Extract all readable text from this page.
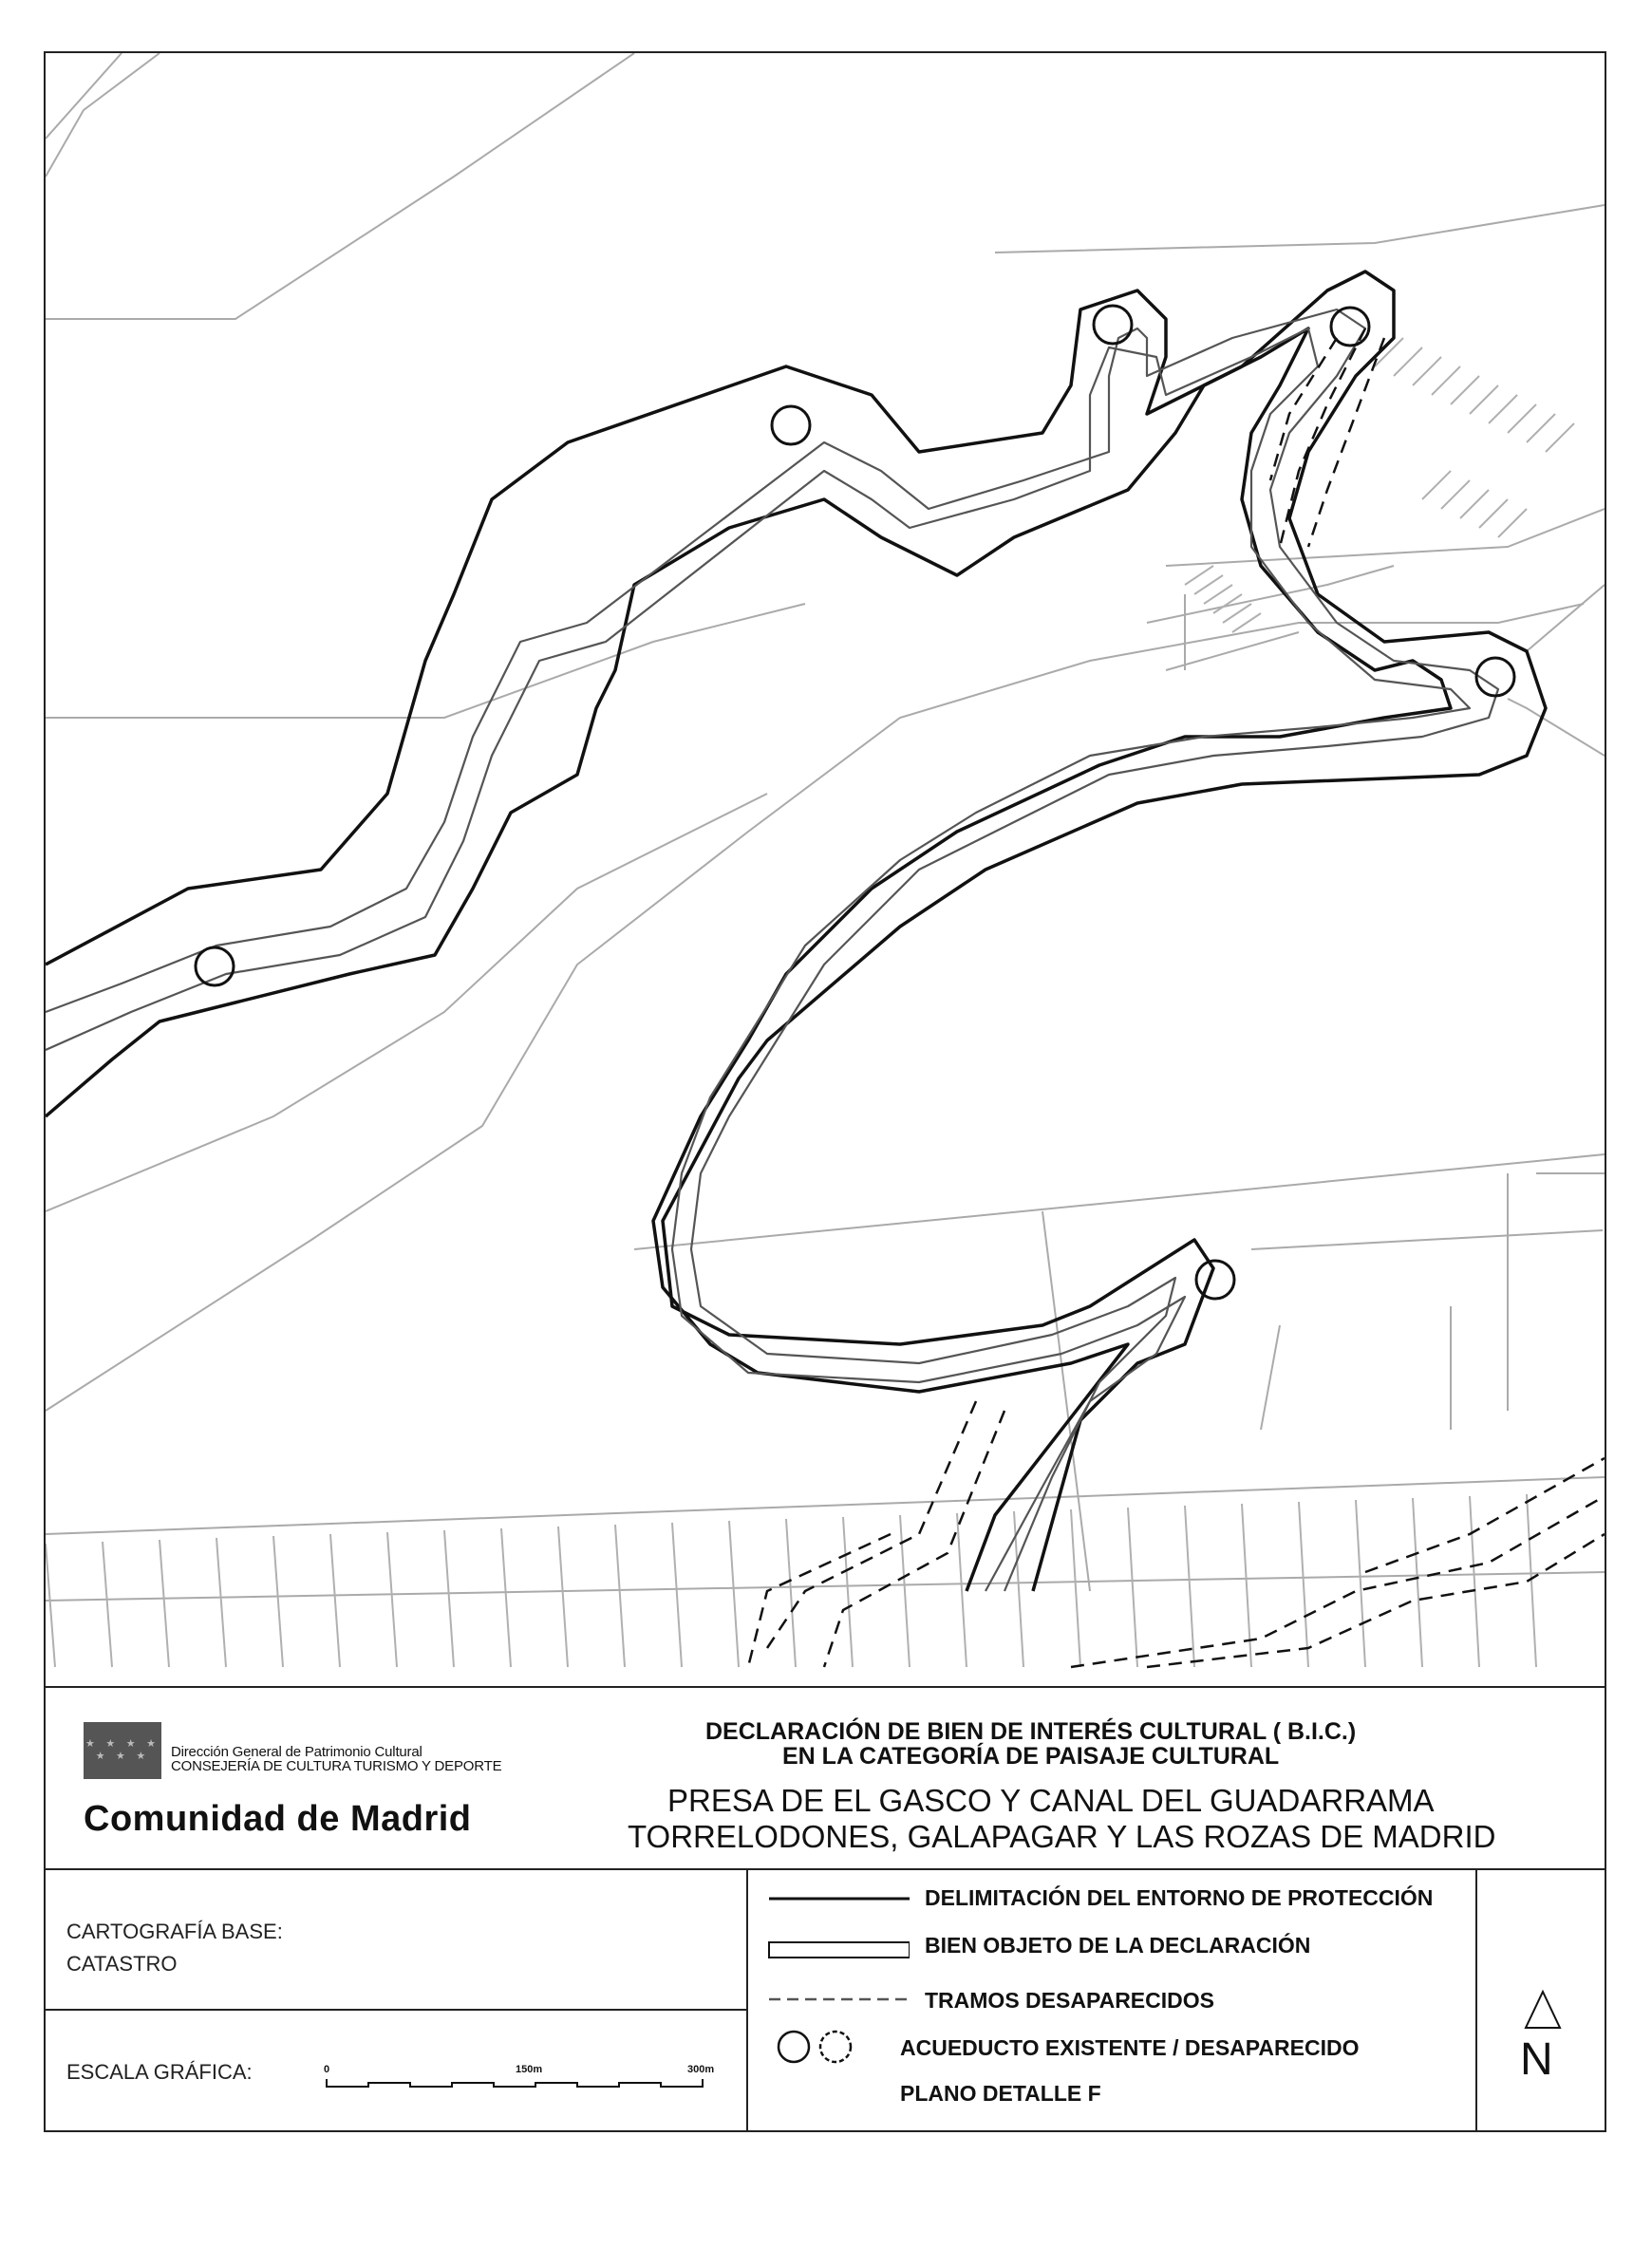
★ ★ ★ ★ ★ ★ ★	Dirección General de Patrimonio Cultural
CONSEJERÍA DE CULTURA TURISMO Y DEPORTE
Comunidad de Madrid
DECLARACIÓN DE BIEN DE INTERÉS CULTURAL ( B.I.C.)
EN LA CATEGORÍA DE PAISAJE CULTURAL
PRESA DE EL GASCO Y CANAL DEL GUADARRAMA
TORRELODONES, GALAPAGAR Y LAS ROZAS DE MADRID
CARTOGRAFÍA BASE:
CATASTRO
ESCALA GRÁFICA:	0	150m	300m
DELIMITACIÓN DEL ENTORNO DE PROTECCIÓN
BIEN OBJETO DE LA DECLARACIÓN
TRAMOS DESAPARECIDOS
ACUEDUCTO EXISTENTE / DESAPARECIDO
PLANO DETALLE F
N
